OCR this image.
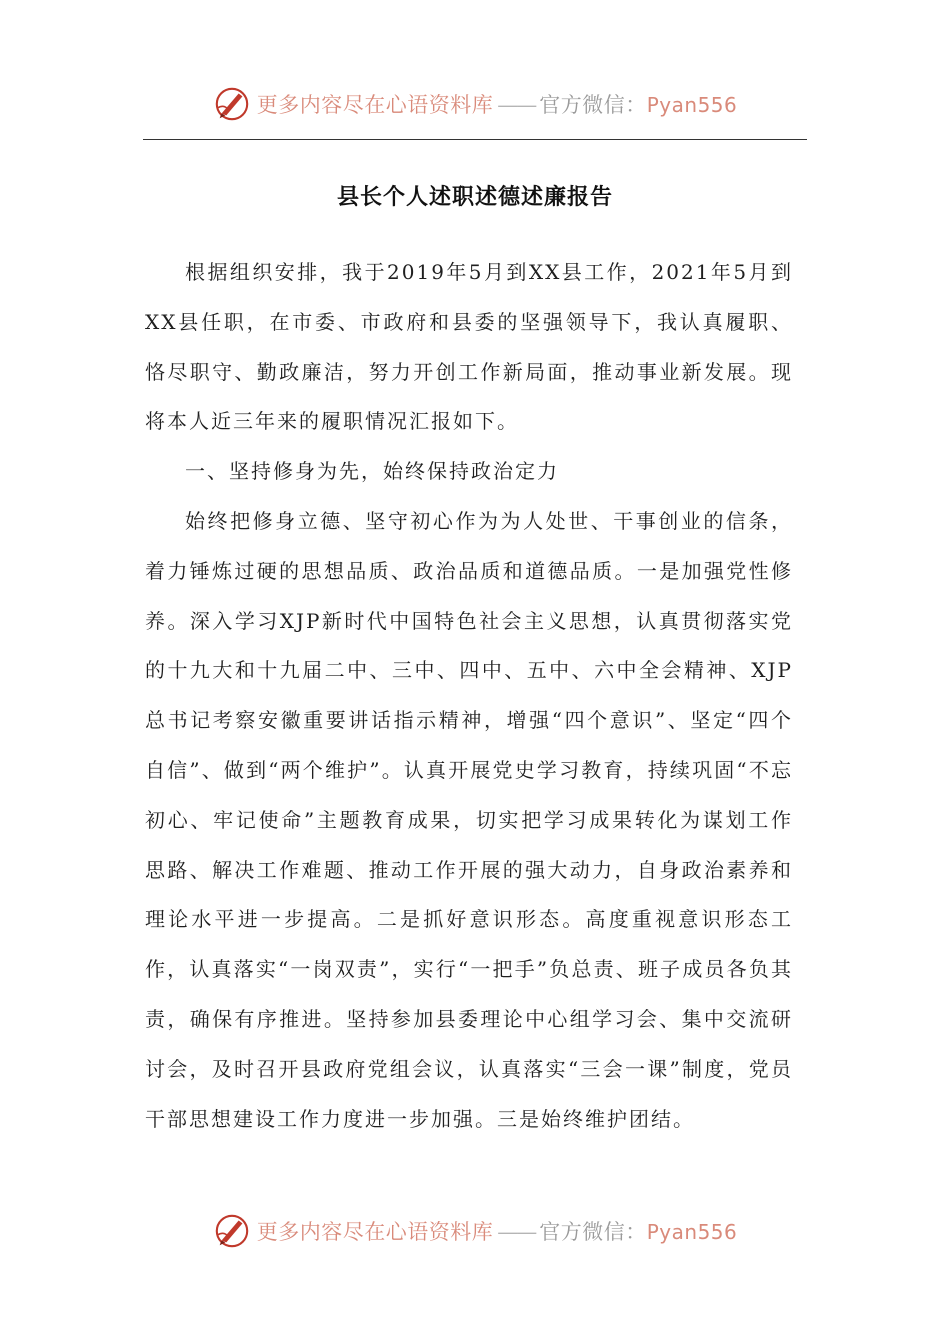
更多内容尽在心语资料库 —— 官方微信：Pyan556
县长个人述职述德述廉报告

根据组织安排，我于2019年5月到XX县工作，2021年5月到XX县任职，在市委、市政府和县委的坚强领导下，我认真履职、恪尽职守、勤政廉洁，努力开创工作新局面，推动事业新发展。现将本人近三年来的履职情况汇报如下。

一、坚持修身为先，始终保持政治定力

始终把修身立德、坚守初心作为为人处世、干事创业的信条，着力锤炼过硬的思想品质、政治品质和道德品质。一是加强党性修养。深入学习XJP新时代中国特色社会主义思想，认真贯彻落实党的十九大和十九届二中、三中、四中、五中、六中全会精神、XJP总书记考察安徽重要讲话指示精神，增强“四个意识”、坚定“四个自信”、做到“两个维护”。认真开展党史学习教育，持续巩固“不忘初心、牢记使命”主题教育成果，切实把学习成果转化为谋划工作思路、解决工作难题、推动工作开展的强大动力，自身政治素养和理论水平进一步提高。二是抓好意识形态。高度重视意识形态工作，认真落实“一岗双责”，实行“一把手”负总责、班子成员各负其责，确保有序推进。坚持参加县委理论中心组学习会、集中交流研讨会，及时召开县政府党组会议，认真落实“三会一课”制度，党员干部思想建设工作力度进一步加强。三是始终维护团结。

更多内容尽在心语资料库 —— 官方微信：Pyan556
